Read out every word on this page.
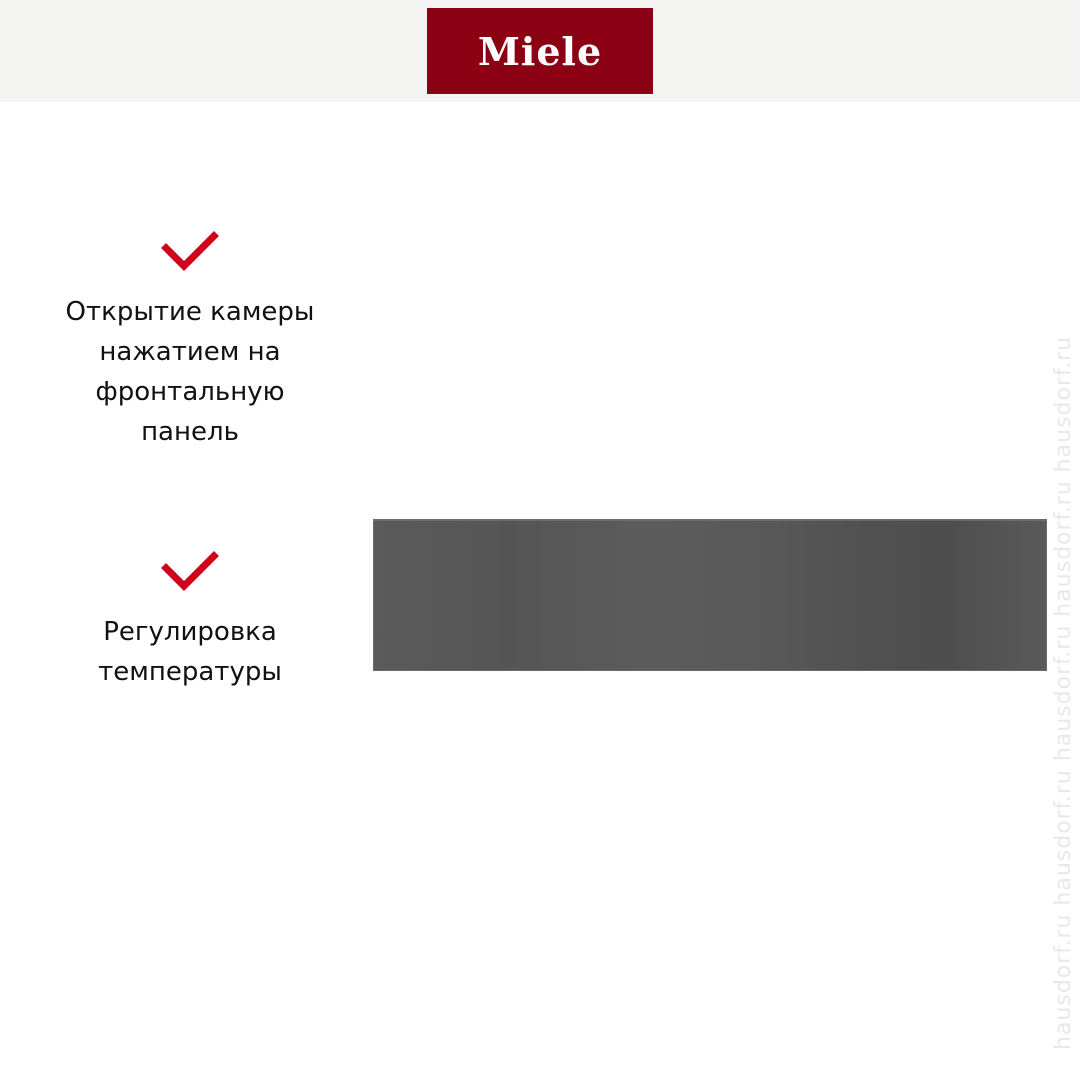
Miele
Открытие камеры
нажатием на
фронтальную
панель
Регулировка
температуры	hausdorf.ru hausdorf.ru hausdorf.ru hausdorf.ru hausdorf.ru
